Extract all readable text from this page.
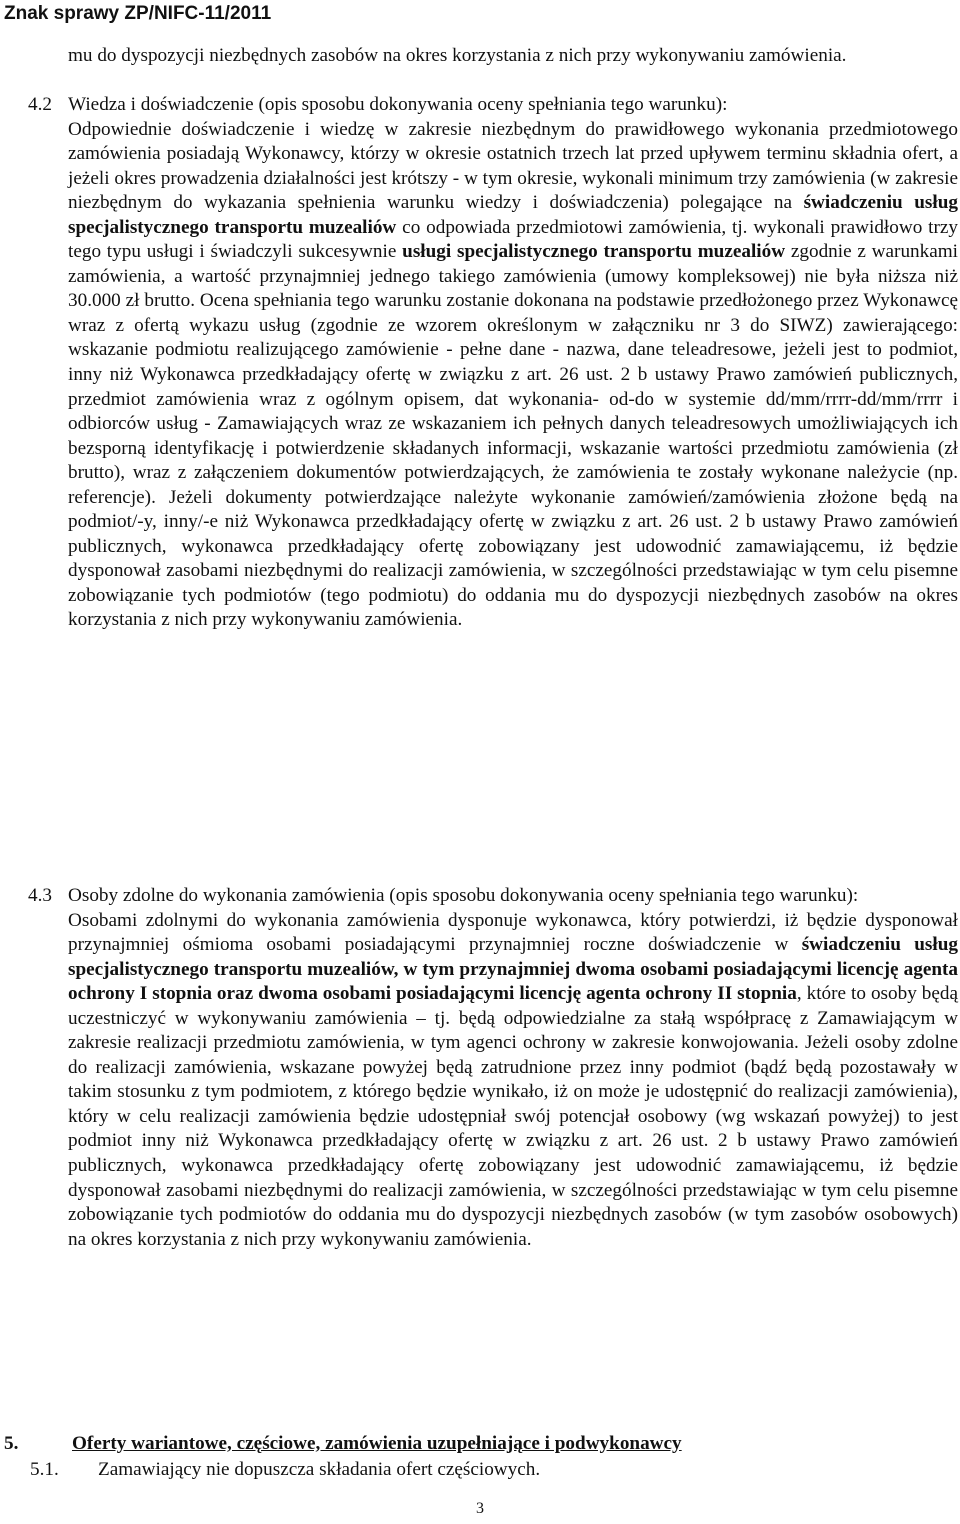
Znak sprawy ZP/NIFC-11/2011
mu do dyspozycji niezbędnych zasobów na okres korzystania z nich przy wykonywaniu zamówienia.
4.2 Wiedza i doświadczenie (opis sposobu dokonywania oceny spełniania tego warunku):
Odpowiednie doświadczenie i wiedzę w zakresie niezbędnym do prawidłowego wykonania przedmiotowego zamówienia posiadają Wykonawcy, którzy w okresie ostatnich trzech lat przed upływem terminu składnia ofert, a jeżeli okres prowadzenia działalności jest krótszy - w tym okresie, wykonali minimum trzy zamówienia (w zakresie niezbędnym do wykazania spełnienia warunku wiedzy i doświadczenia) polegające na świadczeniu usług specjalistycznego transportu muzealiów co odpowiada przedmiotowi zamówienia, tj. wykonali prawidłowo trzy tego typu usługi i świadczyli sukcesywnie usługi specjalistycznego transportu muzealiów zgodnie z warunkami zamówienia, a wartość przynajmniej jednego takiego zamówienia (umowy kompleksowej) nie była niższa niż 30.000 zł brutto. Ocena spełniania tego warunku zostanie dokonana na podstawie przedłożonego przez Wykonawcę wraz z ofertą wykazu usług (zgodnie ze wzorem określonym w załączniku nr 3 do SIWZ) zawierającego: wskazanie podmiotu realizującego zamówienie - pełne dane - nazwa, dane teleadresowe, jeżeli jest to podmiot, inny niż Wykonawca przedkładający ofertę w związku z art. 26 ust. 2 b ustawy Prawo zamówień publicznych, przedmiot zamówienia wraz z ogólnym opisem, dat wykonania- od-do w systemie dd/mm/rrrr-dd/mm/rrrr i odbiorców usług - Zamawiających wraz ze wskazaniem ich pełnych danych teleadresowych umożliwiających ich bezsporną identyfikację i potwierdzenie składanych informacji, wskazanie wartości przedmiotu zamówienia (zł brutto), wraz z załączeniem dokumentów potwierdzających, że zamówienia te zostały wykonane należycie (np. referencje). Jeżeli dokumenty potwierdzające należyte wykonanie zamówień/zamówienia złożone będą na podmiot/-y, inny/-e niż Wykonawca przedkładający ofertę w związku z art. 26 ust. 2 b ustawy Prawo zamówień publicznych, wykonawca przedkładający ofertę zobowiązany jest udowodnić zamawiającemu, iż będzie dysponował zasobami niezbędnymi do realizacji zamówienia, w szczególności przedstawiając w tym celu pisemne zobowiązanie tych podmiotów (tego podmiotu) do oddania mu do dyspozycji niezbędnych zasobów na okres korzystania z nich przy wykonywaniu zamówienia.
4.3 Osoby zdolne do wykonania zamówienia (opis sposobu dokonywania oceny spełniania tego warunku):
Osobami zdolnymi do wykonania zamówienia dysponuje wykonawca, który potwierdzi, iż będzie dysponował przynajmniej ośmioma osobami posiadającymi przynajmniej roczne doświadczenie w świadczeniu usług specjalistycznego transportu muzealiów, w tym przynajmniej dwoma osobami posiadającymi licencję agenta ochrony I stopnia oraz dwoma osobami posiadającymi licencję agenta ochrony II stopnia, które to osoby będą uczestniczyć w wykonywaniu zamówienia – tj. będą odpowiedzialne za stałą współpracę z Zamawiającym w zakresie realizacji przedmiotu zamówienia, w tym agenci ochrony w zakresie konwojowania. Jeżeli osoby zdolne do realizacji zamówienia, wskazane powyżej będą zatrudnione przez inny podmiot (bądź będą pozostawały w takim stosunku z tym podmiotem, z którego będzie wynikało, iż on może je udostępnić do realizacji zamówienia), który w celu realizacji zamówienia będzie udostępniał swój potencjał osobowy (wg wskazań powyżej) to jest podmiot inny niż Wykonawca przedkładający ofertę w związku z art. 26 ust. 2 b ustawy Prawo zamówień publicznych, wykonawca przedkładający ofertę zobowiązany jest udowodnić zamawiającemu, iż będzie dysponował zasobami niezbędnymi do realizacji zamówienia, w szczególności przedstawiając w tym celu pisemne zobowiązanie tych podmiotów do oddania mu do dyspozycji niezbędnych zasobów (w tym zasobów osobowych) na okres korzystania z nich przy wykonywaniu zamówienia.
5.	Oferty wariantowe, częściowe, zamówienia uzupełniające i podwykonawcy
5.1. Zamawiający nie dopuszcza składania ofert częściowych.
3
